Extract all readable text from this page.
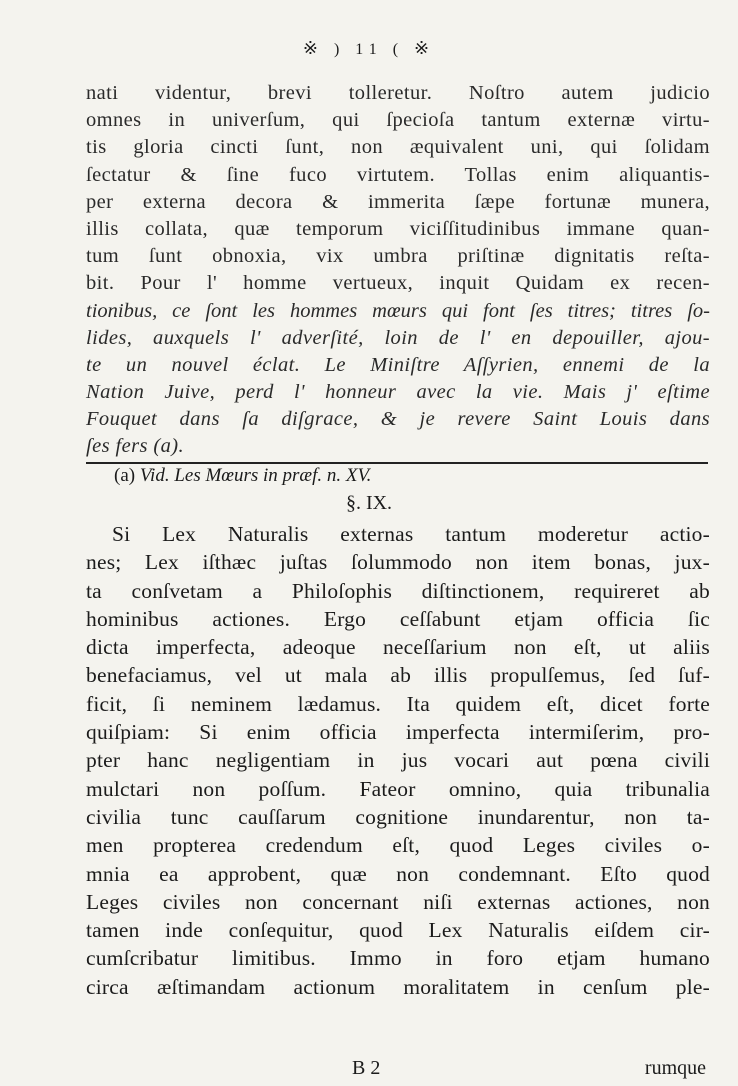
※ ) 11 ( ※
nati videntur, brevi tolleretur. Noſtro autem judicio
omnes in univerſum, qui ſpecioſa tantum externæ virtu-
tis gloria cincti ſunt, non æquivalent uni, qui ſolidam
ſectatur & ſine fuco virtutem. Tollas enim aliquantis-
per externa decora & immerita ſæpe fortunæ munera,
illis collata, quæ temporum viciſſitudinibus immane quan-
tum ſunt obnoxia, vix umbra priſtinæ dignitatis reſta-
bit. Pour l' homme vertueux, inquit Quidam ex recen-
tionibus, ce ſont les hommes mœurs qui font ſes titres; titres ſo-
lides, auxquels l' adverſité, loin de l' en depouiller, ajou-
te un nouvel éclat. Le Miniſtre Aſſyrien, ennemi de la
Nation Juive, perd l' honneur avec la vie. Mais j' eſtime
Fouquet dans ſa diſgrace, & je revere Saint Louis dans
ſes fers (a).
(a) Vid. Les Mœurs in præf. n. XV.
§. IX.
Si Lex Naturalis externas tantum moderetur actio-
nes; Lex iſthæc juſtas ſolummodo non item bonas, jux-
ta conſvetam a Philoſophis diſtinctionem, requireret ab
hominibus actiones. Ergo ceſſabunt etjam officia ſic
dicta imperfecta, adeoque neceſſarium non eſt, ut aliis
benefaciamus, vel ut mala ab illis propulſemus, ſed ſuf-
ficit, ſi neminem lædamus. Ita quidem eſt, dicet forte
quiſpiam: Si enim officia imperfecta intermiſerim, pro-
pter hanc negligentiam in jus vocari aut pœna civili
mulctari non poſſum. Fateor omnino, quia tribunalia
civilia tunc cauſſarum cognitione inundarentur, non ta-
men propterea credendum eſt, quod Leges civiles o-
mnia ea approbent, quæ non condemnant. Eſto quod
Leges civiles non concernant niſi externas actiones, non
tamen inde conſequitur, quod Lex Naturalis eiſdem cir-
cumſcribatur limitibus. Immo in foro etjam humano
circa æſtimandam actionum moralitatem in cenſum ple-
B 2	rumque
